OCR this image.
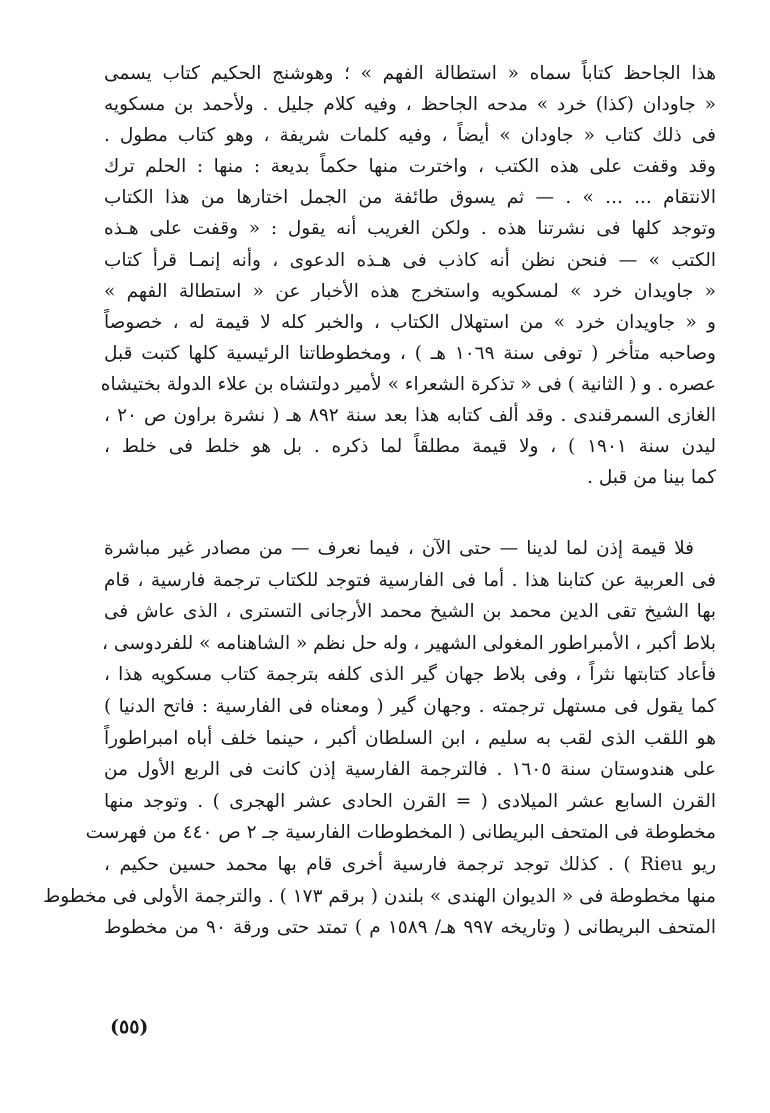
هذا الجاحظ كتاباً سماه « استطالة الفهم » ؛ وهوشنج الحكيم كتاب يسمى
« جاودان (كذا) خرد » مدحه الجاحظ ، وفيه كلام جليل . ولأحمد بن مسكويه
فى ذلك كتاب « جاودان » أيضاً ، وفيه كلمات شريفة ، وهو كتاب مطول .
وقد وقفت على هذه الكتب ، واخترت منها حكماً بديعة : منها : الحلم ترك
الانتقام ... ... » . — ثم يسوق طائفة من الجمل اختارها من هذا الكتاب
وتوجد كلها فى نشرتنا هذه . ولكن الغريب أنه يقول : « وقفت على هـذه
الكتب » — فنحن نظن أنه كاذب فى هـذه الدعوى ، وأنه إنمـا قرأ كتاب
« جاويدان خرد » لمسكويه واستخرج هذه الأخبار عن « استطالة الفهم »
و « جاويدان خرد » من استهلال الكتاب ، والخبر كله لا قيمة له ، خصوصاً
وصاحبه متأخر ( توفى سنة ١٠٦٩ هـ ) ، ومخطوطاتنا الرئيسية كلها كتبت قبل
عصره . و ( الثانية ) فى « تذكرة الشعراء » لأمير دولتشاه بن علاء الدولة بختيشاه
الغازى السمرقندى . وقد ألف كتابه هذا بعد سنة ٨٩٢ هـ ( نشرة براون ص ٢٠ ،
ليدن سنة ١٩٠١ ) ، ولا قيمة مطلقاً لما ذكره . بل هو خلط فى خلط ،
كما بينا من قبل .
فلا قيمة إذن لما لدينا — حتى الآن ، فيما نعرف — من مصادر غير مباشرة
فى العربية عن كتابنا هذا . أما فى الفارسية فتوجد للكتاب ترجمة فارسية ، قام
بها الشيخ تقى الدين محمد بن الشيخ محمد الأرجانى التسترى ، الذى عاش فى
بلاط أكبر ، الأمبراطور المغولى الشهير ، وله حل نظم « الشاهنامه » للفردوسى ،
فأعاد كتابتها نثراً ، وفى بلاط جهان گير الذى كلفه بترجمة كتاب مسكويه هذا ،
كما يقول فى مستهل ترجمته . وجهان گير ( ومعناه فى الفارسية : فاتح الدنيا )
هو اللقب الذى لقب به سليم ، ابن السلطان أكبر ، حينما خلف أباه امبراطوراً
على هندوستان سنة ١٦٠٥ . فالترجمة الفارسية إذن كانت فى الربع الأول من
القرن السابع عشر الميلادى ( = القرن الحادى عشر الهجرى ) . وتوجد منها
مخطوطة فى المتحف البريطانى ( المخطوطات الفارسية جـ ٢ ص ٤٤٠ من فهرست
ريو Rieu ) . كذلك توجد ترجمة فارسية أخرى قام بها محمد حسين حكيم ،
منها مخطوطة فى « الديوان الهندى » بلندن ( برقم ١٧٣ ) . والترجمة الأولى فى مخطوط
المتحف البريطانى ( وتاريخه ٩٩٧ هـ/ ١٥٨٩ م ) تمتد حتى ورقة ٩٠ من مخطوط
(٥٥)
